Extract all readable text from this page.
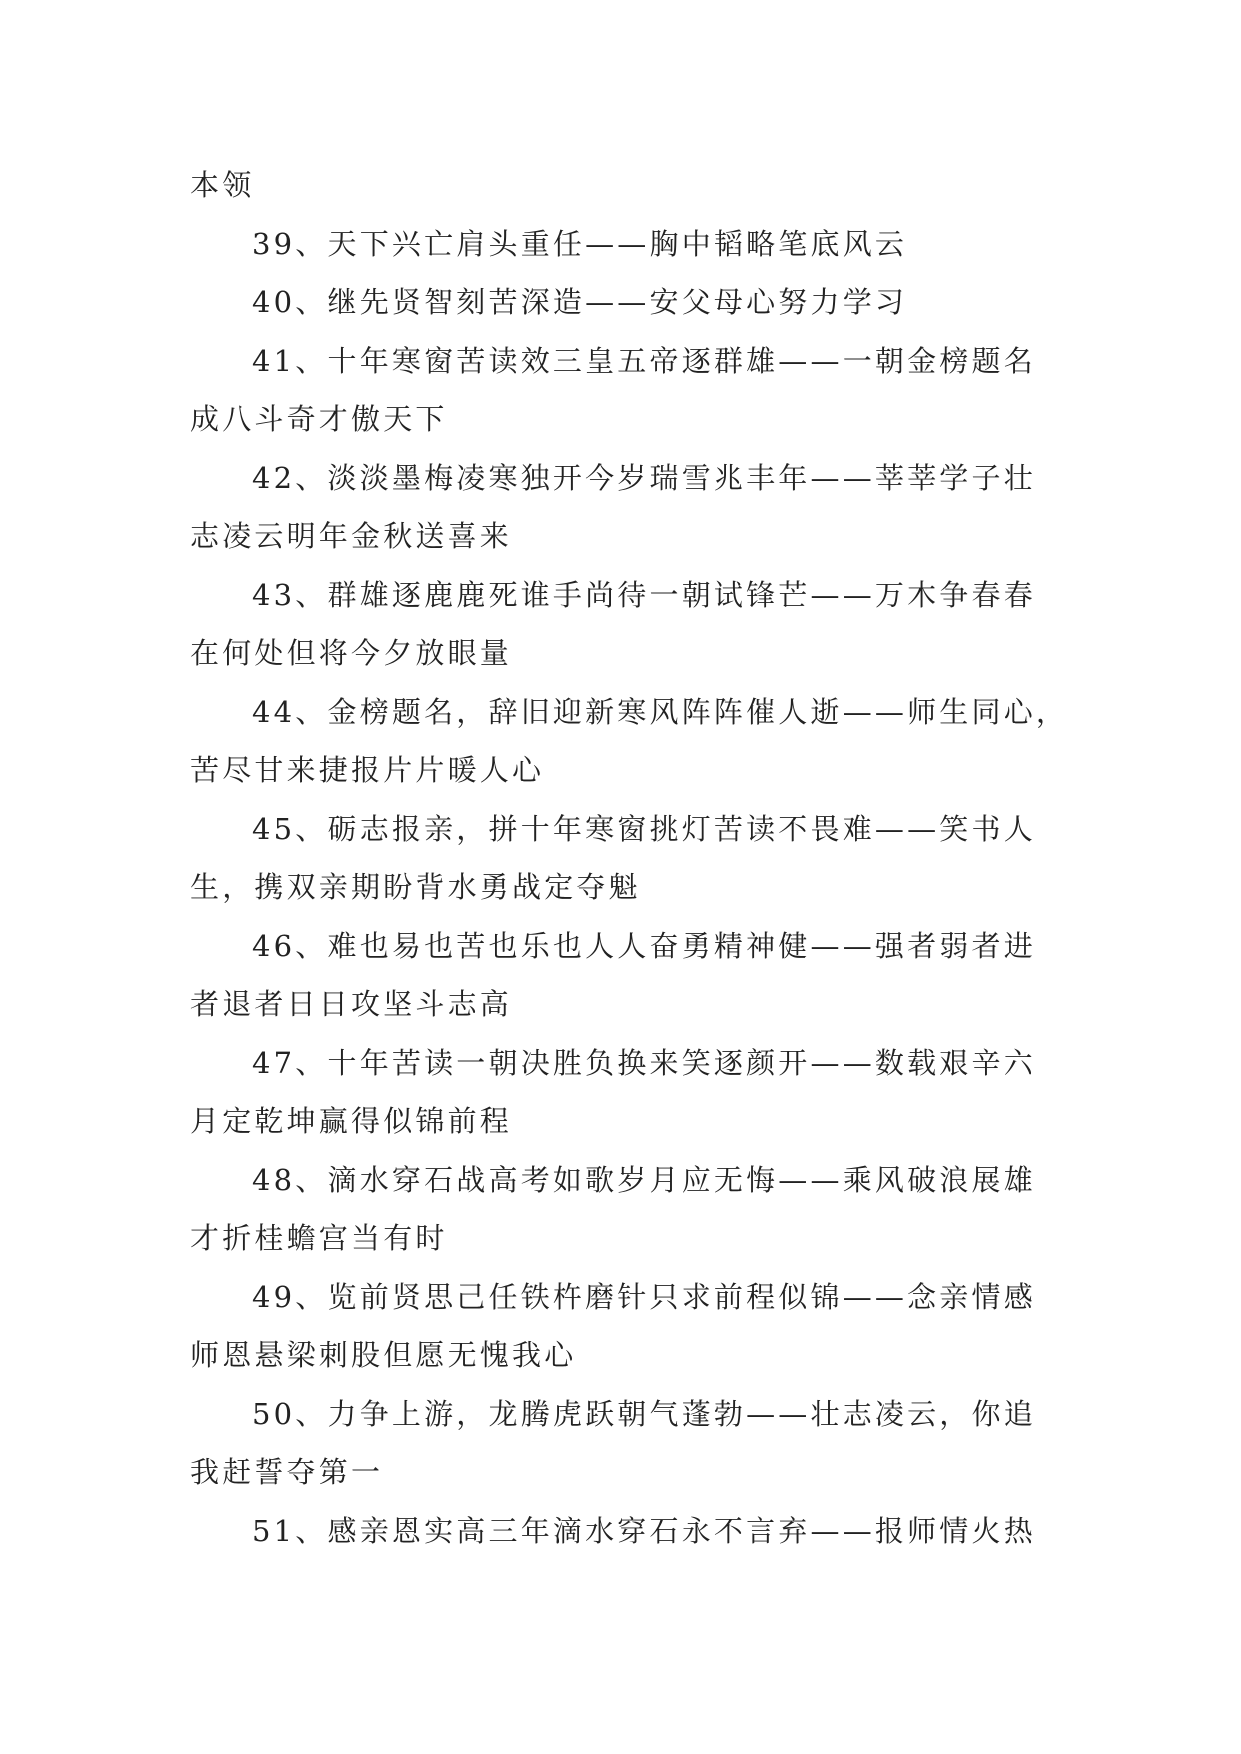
本领

39、天下兴亡肩头重任——胸中韬略笔底风云

40、继先贤智刻苦深造——安父母心努力学习

41、十年寒窗苦读效三皇五帝逐群雄——一朝金榜题名

成八斗奇才傲天下

42、淡淡墨梅凌寒独开今岁瑞雪兆丰年——莘莘学子壮

志凌云明年金秋送喜来

43、群雄逐鹿鹿死谁手尚待一朝试锋芒——万木争春春

在何处但将今夕放眼量

44、金榜题名，辞旧迎新寒风阵阵催人逝——师生同心，

苦尽甘来捷报片片暖人心

45、砺志报亲，拼十年寒窗挑灯苦读不畏难——笑书人

生，携双亲期盼背水勇战定夺魁

46、难也易也苦也乐也人人奋勇精神健——强者弱者进

者退者日日攻坚斗志高

47、十年苦读一朝决胜负换来笑逐颜开——数载艰辛六

月定乾坤赢得似锦前程

48、滴水穿石战高考如歌岁月应无悔——乘风破浪展雄

才折桂蟾宫当有时

49、览前贤思己任铁杵磨针只求前程似锦——念亲情感

师恩悬梁刺股但愿无愧我心

50、力争上游，龙腾虎跃朝气蓬勃——壮志凌云，你追

我赶誓夺第一

51、感亲恩实高三年滴水穿石永不言弃——报师情火热
